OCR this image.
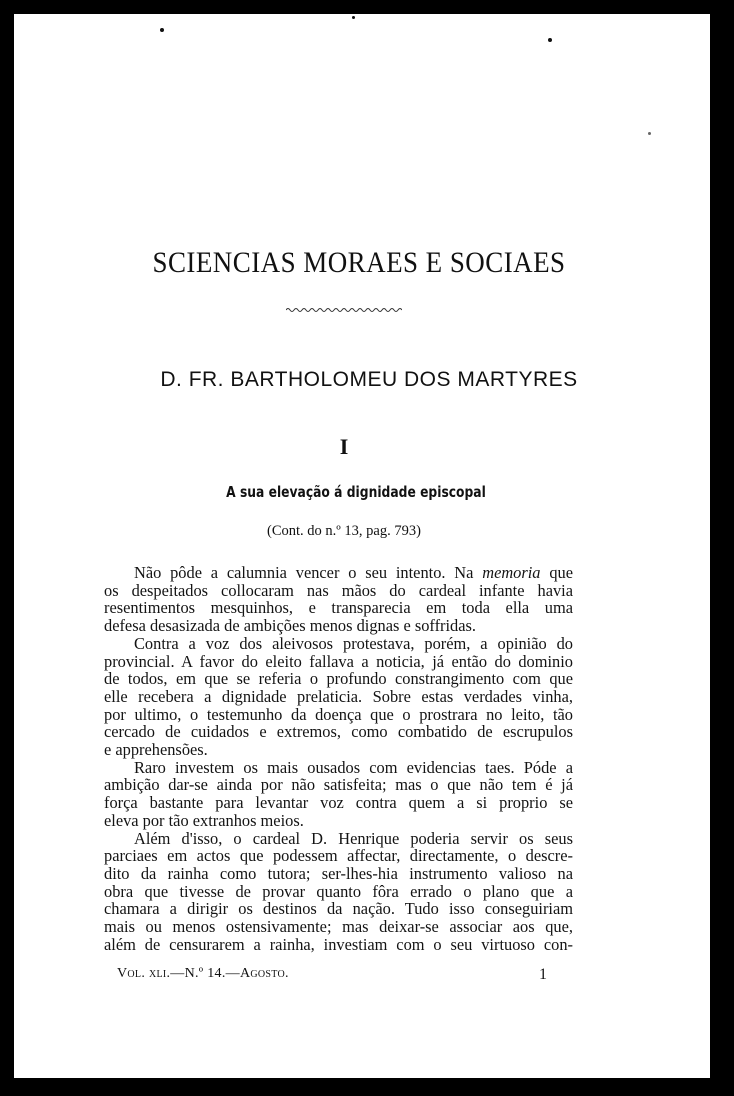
SCIENCIAS MORAES E SOCIAES
D. FR. BARTHOLOMEU DOS MARTYRES
I
A sua elevação á dignidade episcopal
(Cont. do n.º 13, pag. 793)

Não pôde a calumnia vencer o seu intento. Na memoria que
os despeitados collocaram nas mãos do cardeal infante havia
resentimentos mesquinhos, e transparecia em toda ella uma
defesa desasizada de ambições menos dignas e soffridas.

Contra a voz dos aleivosos protestava, porém, a opinião do
provincial. A favor do eleito fallava a noticia, já então do dominio
de todos, em que se referia o profundo constrangimento com que
elle recebera a dignidade prelaticia. Sobre estas verdades vinha,
por ultimo, o testemunho da doença que o prostrara no leito, tão
cercado de cuidados e extremos, como combatido de escrupulos
e apprehensões.

Raro investem os mais ousados com evidencias taes. Póde a
ambição dar-se ainda por não satisfeita; mas o que não tem é já
força bastante para levantar voz contra quem a si proprio se
eleva por tão extranhos meios.

Além d'isso, o cardeal D. Henrique poderia servir os seus
parciaes em actos que podessem affectar, directamente, o descre-
dito da rainha como tutora; ser-lhes-hia instrumento valioso na
obra que tivesse de provar quanto fôra errado o plano que a
chamara a dirigir os destinos da nação. Tudo isso conseguiriam
mais ou menos ostensivamente; mas deixar-se associar aos que,
além de censurarem a rainha, investiam com o seu virtuoso con-

Vol. xli.—N.º 14.—Agosto.	1
